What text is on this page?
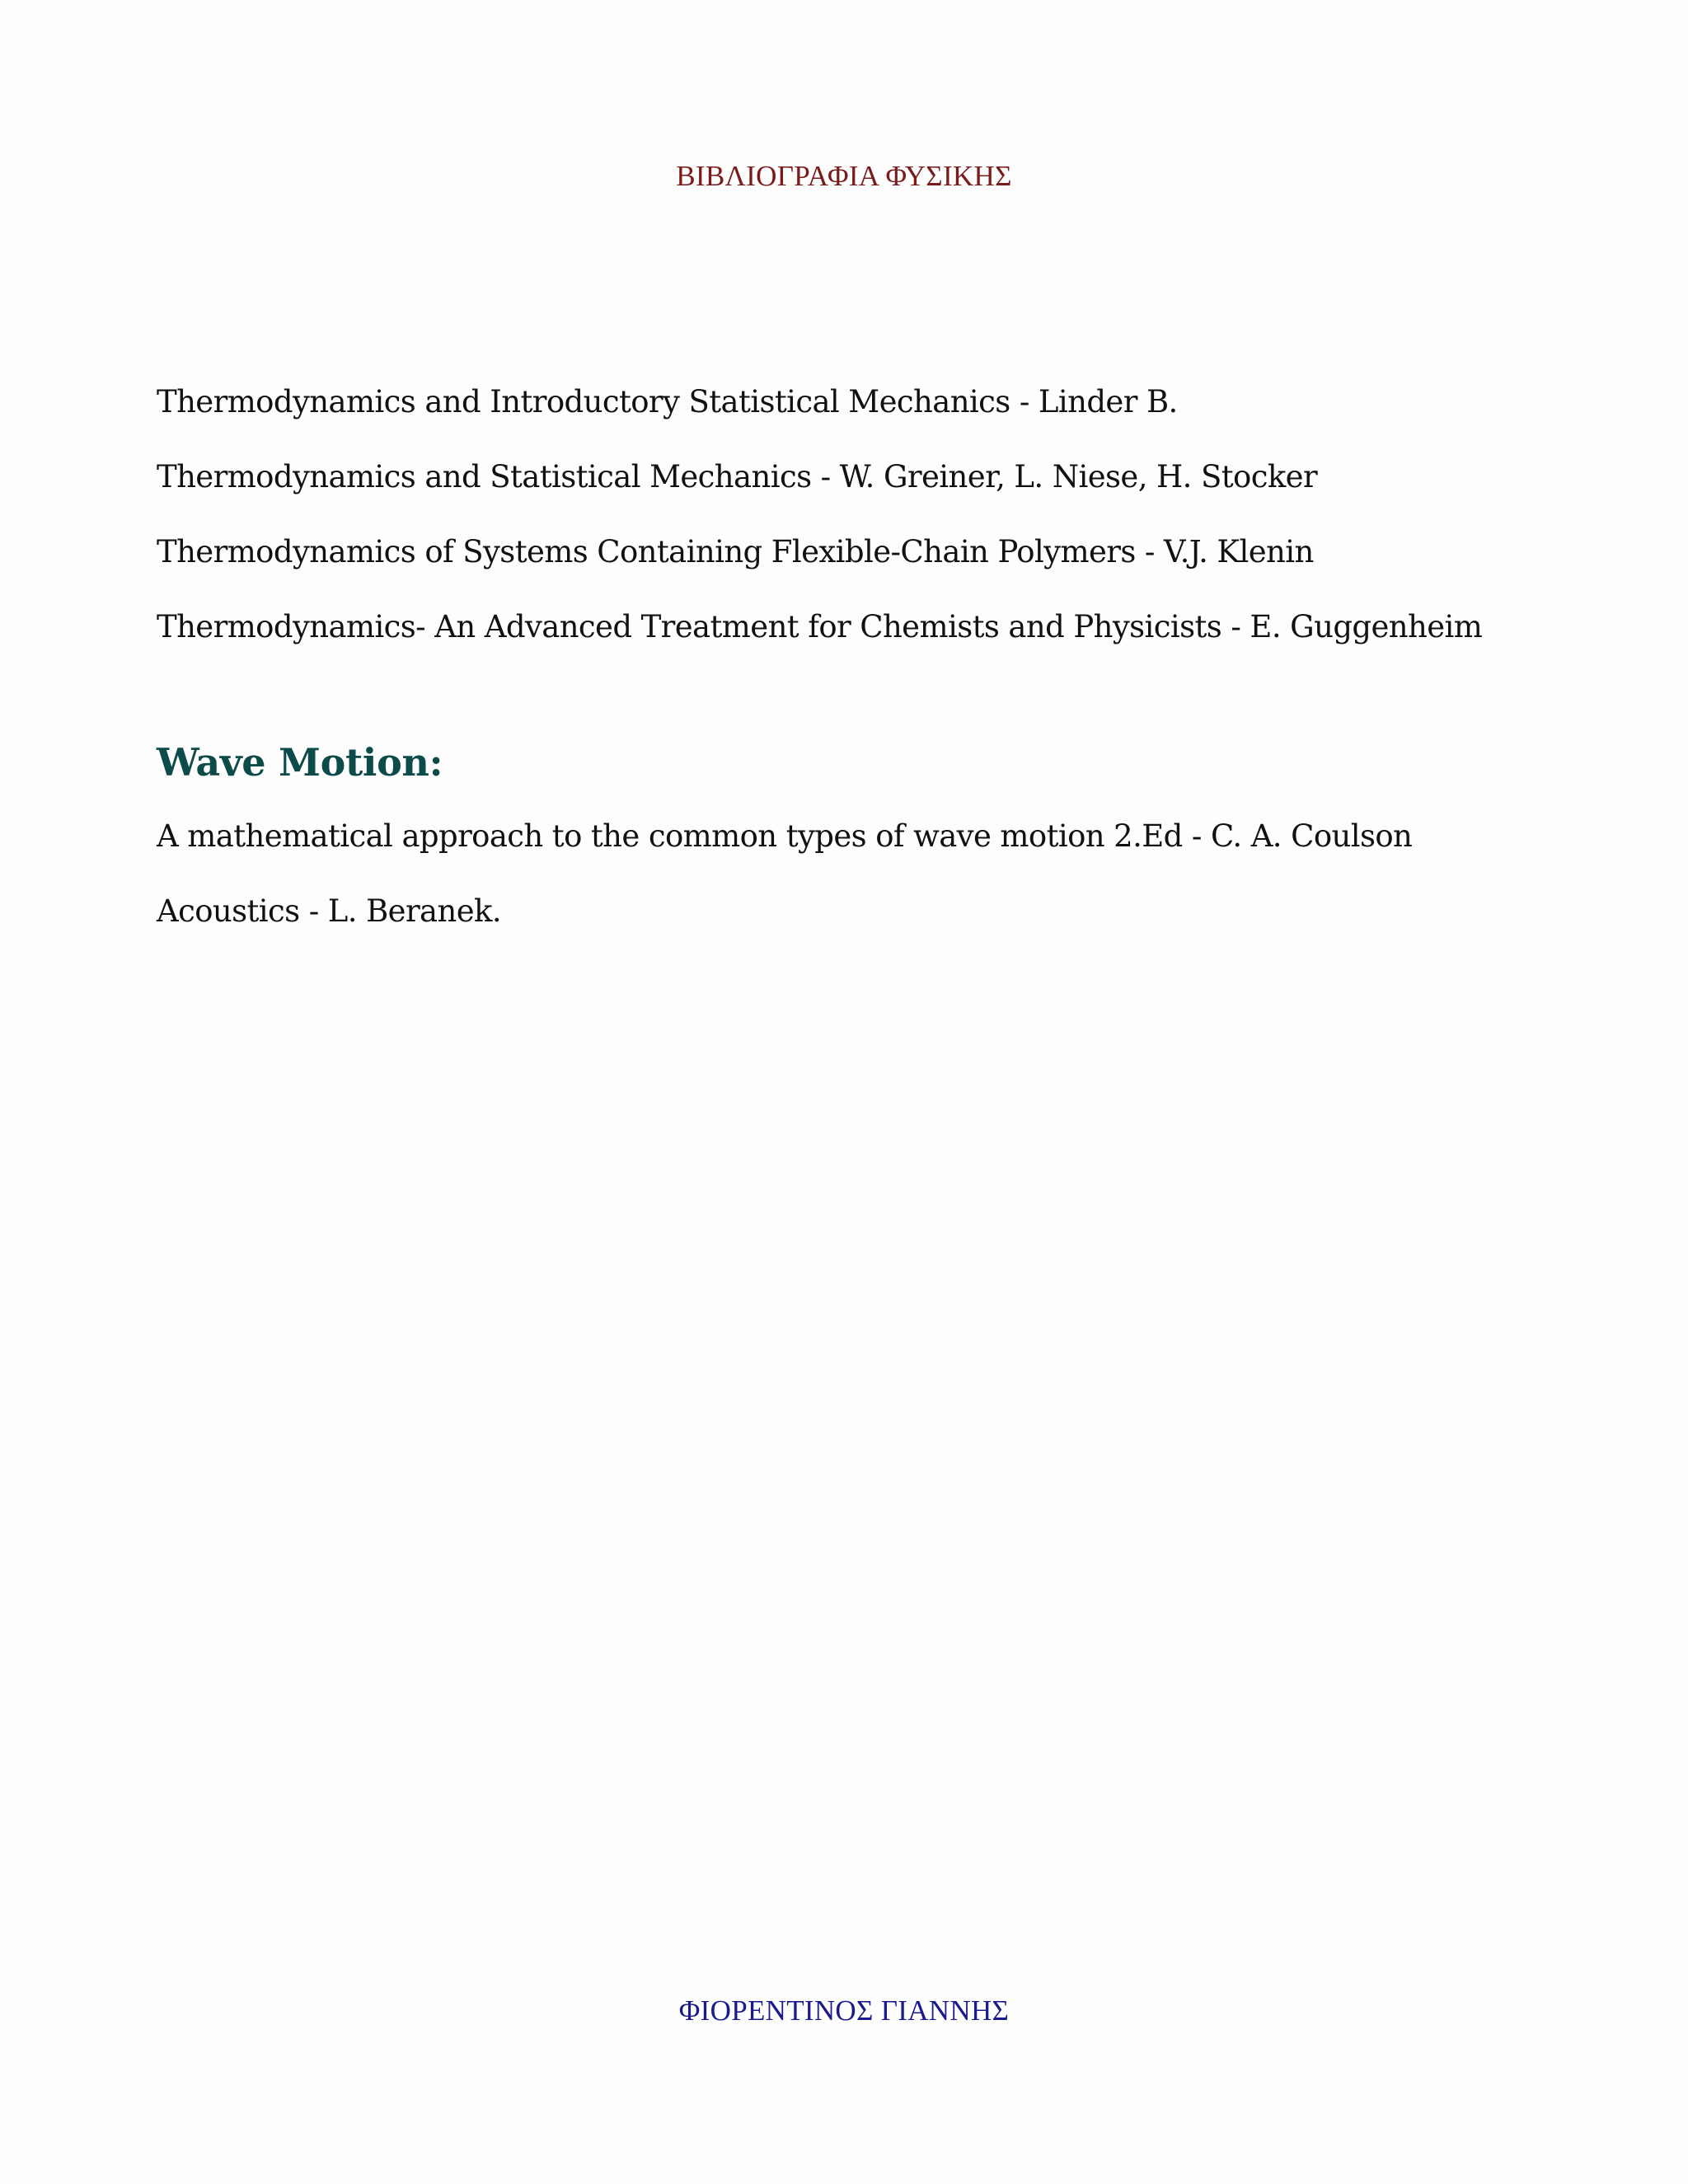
ΒΙΒΛΙΟΓΡΑΦΙΑ ΦΥΣΙΚΗΣ

Thermodynamics and Introductory Statistical Mechanics - Linder B.

Thermodynamics and Statistical Mechanics - W. Greiner, L. Niese, H. Stocker

Thermodynamics of Systems Containing Flexible-Chain Polymers - V.J. Klenin

Thermodynamics- An Advanced Treatment for Chemists and Physicists - E. Guggenheim

Wave Motion:

A mathematical approach to the common types of wave motion 2.Ed - C. A. Coulson

Acoustics - L. Beranek.

ΦΙΟΡΕΝΤΙΝΟΣ ΓΙΑΝΝΗΣ
